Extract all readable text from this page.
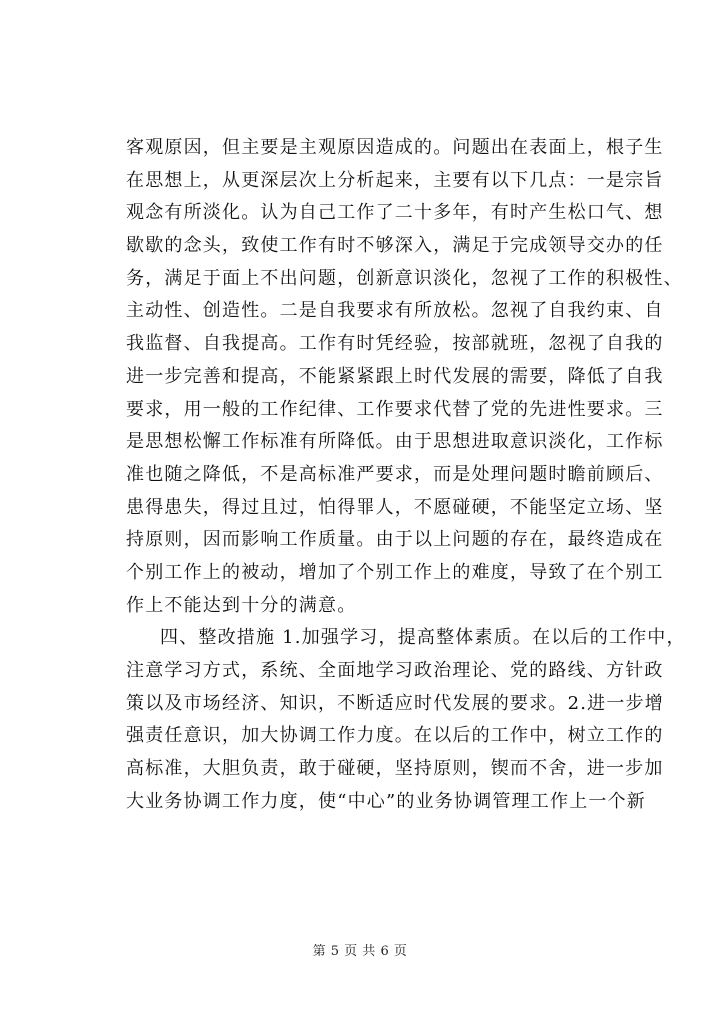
客观原因，但主要是主观原因造成的。问题出在表面上，根子生
在思想上，从更深层次上分析起来，主要有以下几点：一是宗旨
观念有所淡化。认为自己工作了二十多年，有时产生松口气、想
歇歇的念头，致使工作有时不够深入，满足于完成领导交办的任
务，满足于面上不出问题，创新意识淡化，忽视了工作的积极性、
主动性、创造性。二是自我要求有所放松。忽视了自我约束、自
我监督、自我提高。工作有时凭经验，按部就班，忽视了自我的
进一步完善和提高，不能紧紧跟上时代发展的需要，降低了自我
要求，用一般的工作纪律、工作要求代替了党的先进性要求。三
是思想松懈工作标准有所降低。由于思想进取意识淡化，工作标
准也随之降低，不是高标准严要求，而是处理问题时瞻前顾后、
患得患失，得过且过，怕得罪人，不愿碰硬，不能坚定立场、坚
持原则，因而影响工作质量。由于以上问题的存在，最终造成在
个别工作上的被动，增加了个别工作上的难度，导致了在个别工
作上不能达到十分的满意。
四、整改措施 1.加强学习，提高整体素质。在以后的工作中，
注意学习方式，系统、全面地学习政治理论、党的路线、方针政
策以及市场经济、知识，不断适应时代发展的要求。2.进一步增
强责任意识，加大协调工作力度。在以后的工作中，树立工作的
高标准，大胆负责，敢于碰硬，坚持原则，锲而不舍，进一步加
大业务协调工作力度，使“中心”的业务协调管理工作上一个新
第 5 页 共 6 页
